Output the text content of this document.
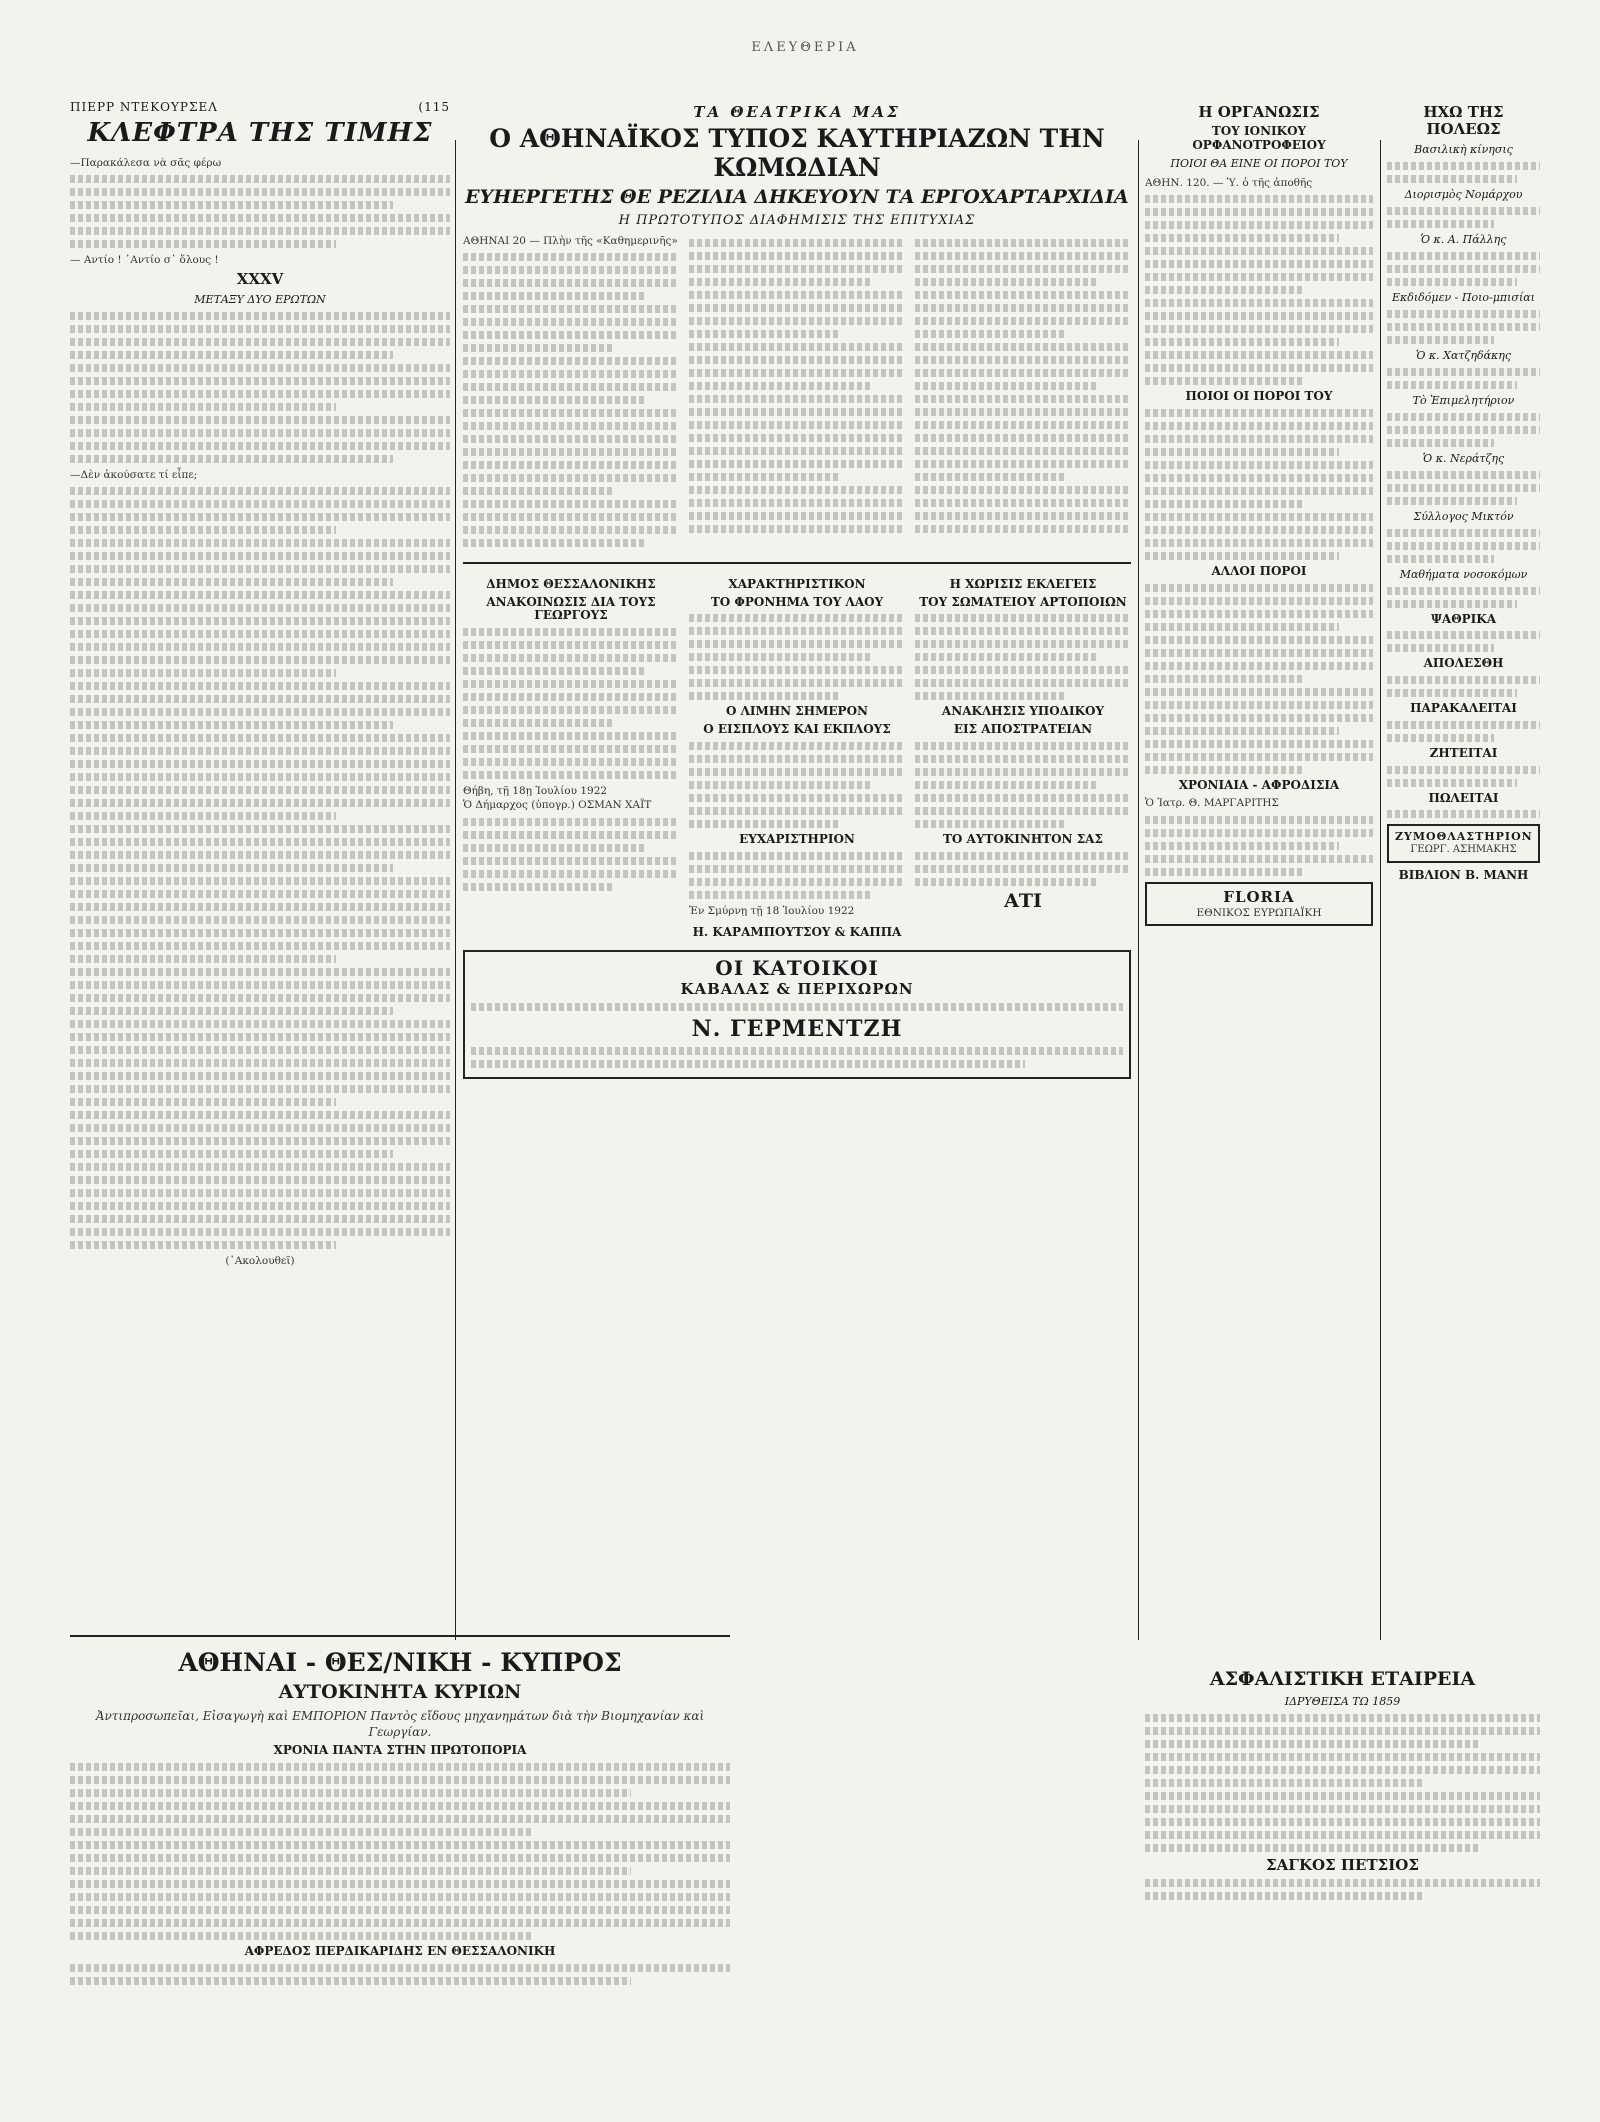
ΕΛΕΥΘΕΡΙΑ
ΠΙΕΡΡ ΝΤΕΚΟΥΡΣΕΛ	(115
ΚΛΕΦΤΡΑ ΤΗΣ ΤΙΜΗΣ
—Παρακάλεσα νὰ σᾶς φέρω
— Αντίο ! ᾿Αντίο σ᾿ ὅλους !
ΧΧΧV
ΜΕΤΑΞΥ ΔΥΟ ΕΡΩΤΩΝ
—Δὲν ἀκούσατε τί εἶπε;
(᾿Ακολουθεῖ)
ΤΑ ΘΕΑΤΡΙΚΑ ΜΑΣ
Ο ΑΘΗΝΑΪΚΟΣ ΤΥΠΟΣ ΚΑΥΤΗΡΙΑΖΩΝ ΤΗΝ ΚΩΜΩΔΙΑΝ
ΕΥΗΕΡΓΕΤΗΣ ΘΕ ΡΕΖΙΛΙΑ ΔΗΚΕΥΟΥΝ ΤΑ ΕΡΓΟΧΑΡΤΑΡΧΙΔΙΑ
Η ΠΡΩΤΟΤΥΠΟΣ ΔΙΑΦΗΜΙΣΙΣ ΤΗΣ ΕΠΙΤΥΧΙΑΣ
ΑΘΗΝΑΙ 20 — Πλὴν τῆς «Καθημερινῆς»
ΔΗΜΟΣ ΘΕΣΣΑΛΟΝΙΚΗΣ
ΑΝΑΚΟΙΝΩΣΙΣ ΔΙΑ ΤΟΥΣ ΓΕΩΡΓΟΥΣ
Θήβη, τῇ 18ῃ Ἰουλίου 1922
Ὁ Δήμαρχος (ὑπογρ.) ΟΣΜΑΝ ΧΑΪΤ
ΧΑΡΑΚΤΗΡΙΣΤΙΚΟΝ
ΤΟ ΦΡΟΝΗΜΑ ΤΟΥ ΛΑΟΥ
Ο ΛΙΜΗΝ ΣΗΜΕΡΟΝ
Ο ΕΙΣΠΛΟΥΣ ΚΑΙ ΕΚΠΛΟΥΣ
ΕΥΧΑΡΙΣΤΗΡΙΟΝ
Ἐν Σμύρνῃ τῇ 18 Ἰουλίου 1922
Η ΧΩΡΙΣΙΣ ΕΚΛΕΓΕΙΣ
ΤΟΥ ΣΩΜΑΤΕΙΟΥ ΑΡΤΟΠΟΙΩΝ
ΑΝΑΚΛΗΣΙΣ ΥΠΟΔΙΚΟΥ
ΕΙΣ ΑΠΟΣΤΡΑΤΕΙΑΝ
ΤΟ ΑΥΤΟΚΙΝΗΤΟΝ ΣΑΣ
ΑΤΙ
Η. ΚΑΡΑΜΠΟΥΤΣΟΥ & ΚΑΠΠΑ
ΟΙ ΚΑΤΟΙΚΟΙ
ΚΑΒΑΛΑΣ & ΠΕΡΙΧΩΡΩΝ
Ν. ΓΕΡΜΕΝΤΖΗ
Η ΟΡΓΑΝΩΣΙΣ
ΤΟΥ ΙΟΝΙΚΟΥ ΟΡΦΑΝΟΤΡΟΦΕΙΟΥ
ΠΟΙΟΙ ΘΑ ΕΙΝΕ ΟΙ ΠΟΡΟΙ ΤΟΥ
ΑΘΗΝ. 120. — Ὑ. ὁ τῆς ἀποθῆς
ΠΟΙΟΙ ΟΙ ΠΟΡΟΙ ΤΟΥ
ΑΛΛΟΙ ΠΟΡΟΙ
ΧΡΟΝΙΑΙΑ - ΑΦΡΟΔΙΣΙΑ
Ὁ Ἰατρ. Θ. ΜΑΡΓΑΡΙΤΗΣ
FLORIA
ΕΘΝΙΚΟΣ ΕΥΡΩΠΑΪΚΗ
ΗΧΩ ΤΗΣ ΠΟΛΕΩΣ
Βασιλικὴ κίνησις
Διορισμὸς Νομάρχου
Ὁ κ. Α. Πάλλης
Εκδιδόμεν - Ποιο-μπισίαι
Ὁ κ. Χατζηδάκης
Τὸ Ἐπιμελητήριον
Ὁ κ. Νεράτζης
Σύλλογος Μικτόν
Μαθήματα νοσοκόμων
ΨΑΘΡΙΚΑ
ΑΠΟΛΕΣΘΗ
ΠΑΡΑΚΑΛΕΙΤΑΙ
ΖΗΤΕΙΤΑΙ
ΠΩΛΕΙΤΑΙ
ΖΥΜΟΘΛΑΣΤΗΡΙΟΝ
ΓΕΩΡΓ. ΑΣΗΜΑΚΗΣ
ΒΙΒΛΙΟΝ Β. ΜΑΝΗ
ΑΘΗΝΑΙ - ΘΕΣ/ΝΙΚΗ - ΚΥΠΡΟΣ
ΑΥΤΟΚΙΝΗΤΑ ΚΥΡΙΩΝ
Ἀντιπροσωπεῖαι, Εἰσαγωγὴ καὶ ΕΜΠΟΡΙΟΝ Παντὸς εἴδους μηχανημάτων διὰ τὴν Βιομηχανίαν καὶ Γεωργίαν.
ΧΡΟΝΙΑ ΠΑΝΤΑ ΣΤΗΝ ΠΡΩΤΟΠΟΡΙΑ
ΑΦΡΕΔΟΣ ΠΕΡΔΙΚΑΡΙΔΗΣ ΕΝ ΘΕΣΣΑΛΟΝΙΚΗ
ΑΣΦΑΛΙΣΤΙΚΗ ΕΤΑΙΡΕΙΑ
ΙΔΡΥΘΕΙΣΑ ΤΩ 1859
ΣΑΓΚΟΣ ΠΕΤΣΙΟΣ
